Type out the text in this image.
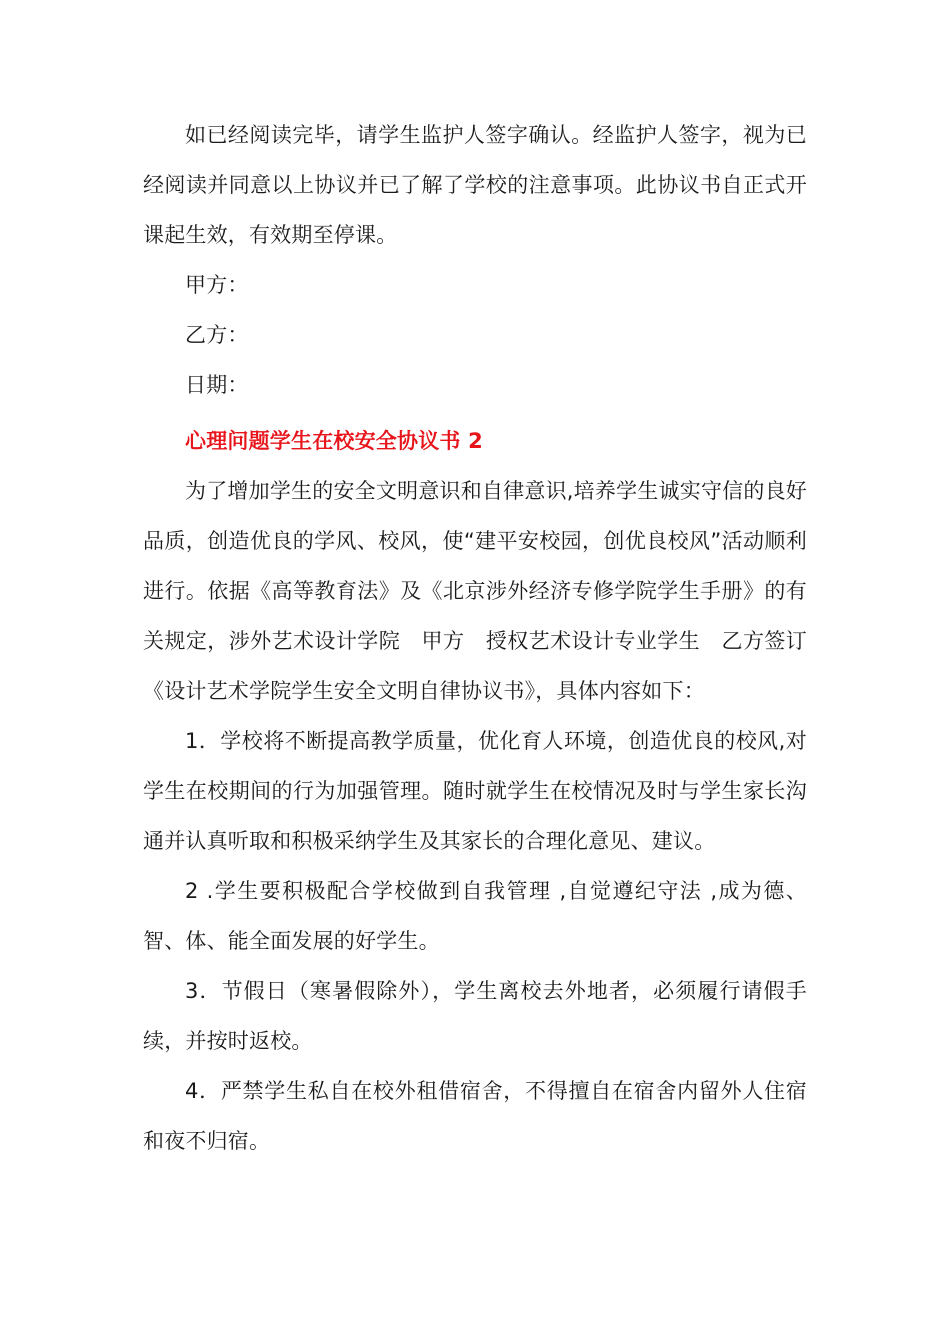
如已经阅读完毕，请学生监护人签字确认。经监护人签字，视为已经阅读并同意以上协议并已了解了学校的注意事项。此协议书自正式开课起生效，有效期至停课。

甲方：

乙方：

日期：

心理问题学生在校安全协议书 2

为了增加学生的安全文明意识和自律意识,培养学生诚实守信的良好品质，创造优良的学风、校风，使“建平安校园，创优良校风”活动顺利进行。依据《高等教育法》及《北京涉外经济专修学院学生手册》的有关规定，涉外艺术设计学院　甲方　授权艺术设计专业学生　乙方签订《设计艺术学院学生安全文明自律协议书》，具体内容如下：

1．学校将不断提高教学质量，优化育人环境，创造优良的校风,对学生在校期间的行为加强管理。随时就学生在校情况及时与学生家长沟通并认真听取和积极采纳学生及其家长的合理化意见、建议。

2 .学生要积极配合学校做到自我管理 ,自觉遵纪守法 ,成为德、智、体、能全面发展的好学生。

3．节假日（寒暑假除外），学生离校去外地者，必须履行请假手续，并按时返校。

4．严禁学生私自在校外租借宿舍，不得擅自在宿舍内留外人住宿和夜不归宿。
